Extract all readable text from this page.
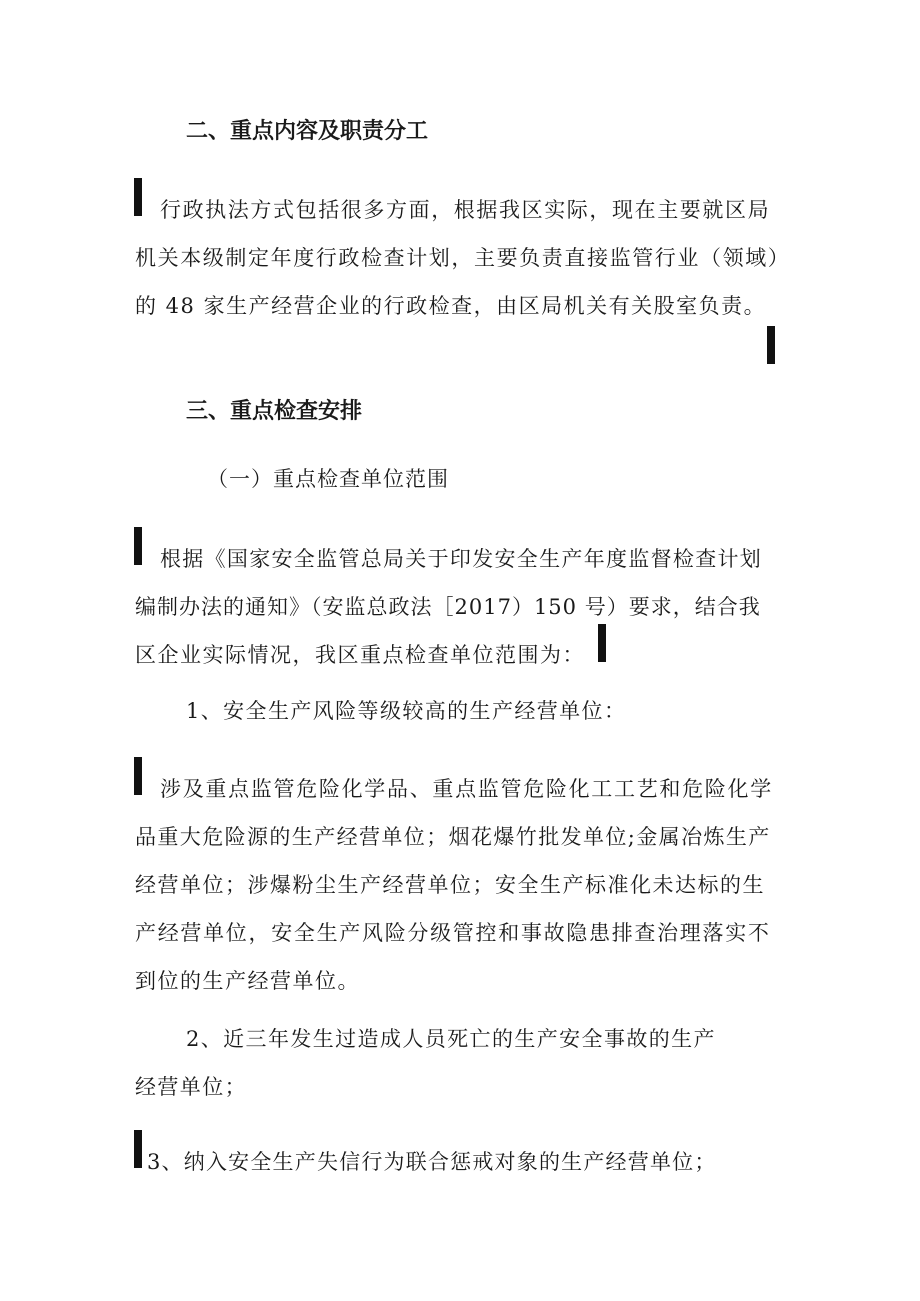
二、重点内容及职责分工
行政执法方式包括很多方面，根据我区实际，现在主要就区局
机关本级制定年度行政检查计划，主要负责直接监管行业（领域）
的 48 家生产经营企业的行政检查，由区局机关有关股室负责。
三、重点检查安排
（一）重点检查单位范围
根据《国家安全监管总局关于印发安全生产年度监督检查计划
编制办法的通知》（安监总政法［2017）150 号）要求，结合我
区企业实际情况，我区重点检查单位范围为：
1、安全生产风险等级较高的生产经营单位：
涉及重点监管危险化学品、重点监管危险化工工艺和危险化学
品重大危险源的生产经营单位；烟花爆竹批发单位;金属冶炼生产
经营单位；涉爆粉尘生产经营单位；安全生产标准化未达标的生
产经营单位，安全生产风险分级管控和事故隐患排查治理落实不
到位的生产经营单位。
2、近三年发生过造成人员死亡的生产安全事故的生产
经营单位；
3、纳入安全生产失信行为联合惩戒对象的生产经营单位；
